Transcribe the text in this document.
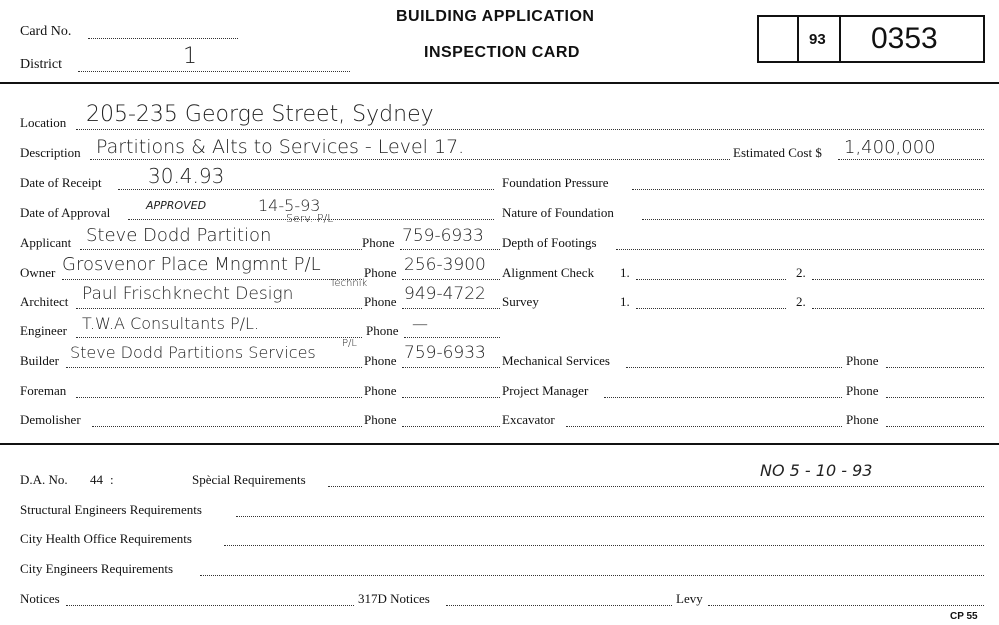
Card No.
District	1
BUILDING APPLICATION
INSPECTION CARD
93 0353
Location 205-235 George Street, Sydney
Description Partitions & Alts to Services - Level 17.	Estimated Cost $ 1,400,000
Date of Receipt 30.4.93	Foundation Pressure
Date of Approval	APPROVED	14-5-93	Nature of Foundation
Serv. P/L
Applicant Steve Dodd Partition	Phone 759-6933 Depth of Footings
Owner Grosvenor Place Mngmnt P/L	Phone 256-3900 Alignment Check 1.	2.
Technik
Architect Paul Frischknecht Design	Phone 949-4722 Survey	1.	2.
Engineer T.W.A Consultants P/L.	Phone —
P/L
Builder Steve Dodd Partitions Services	Phone 759-6933 Mechanical Services	Phone
Foreman	Phone	Project Manager	Phone
Demolisher	Phone	Excavator	Phone
D.A. No. 44 :	Spècial Requirements	NO 5 - 10 - 93
Structural Engineers Requirements
City Health Office Requirements
City Engineers Requirements
Notices	317D Notices	Levy
CP 55
